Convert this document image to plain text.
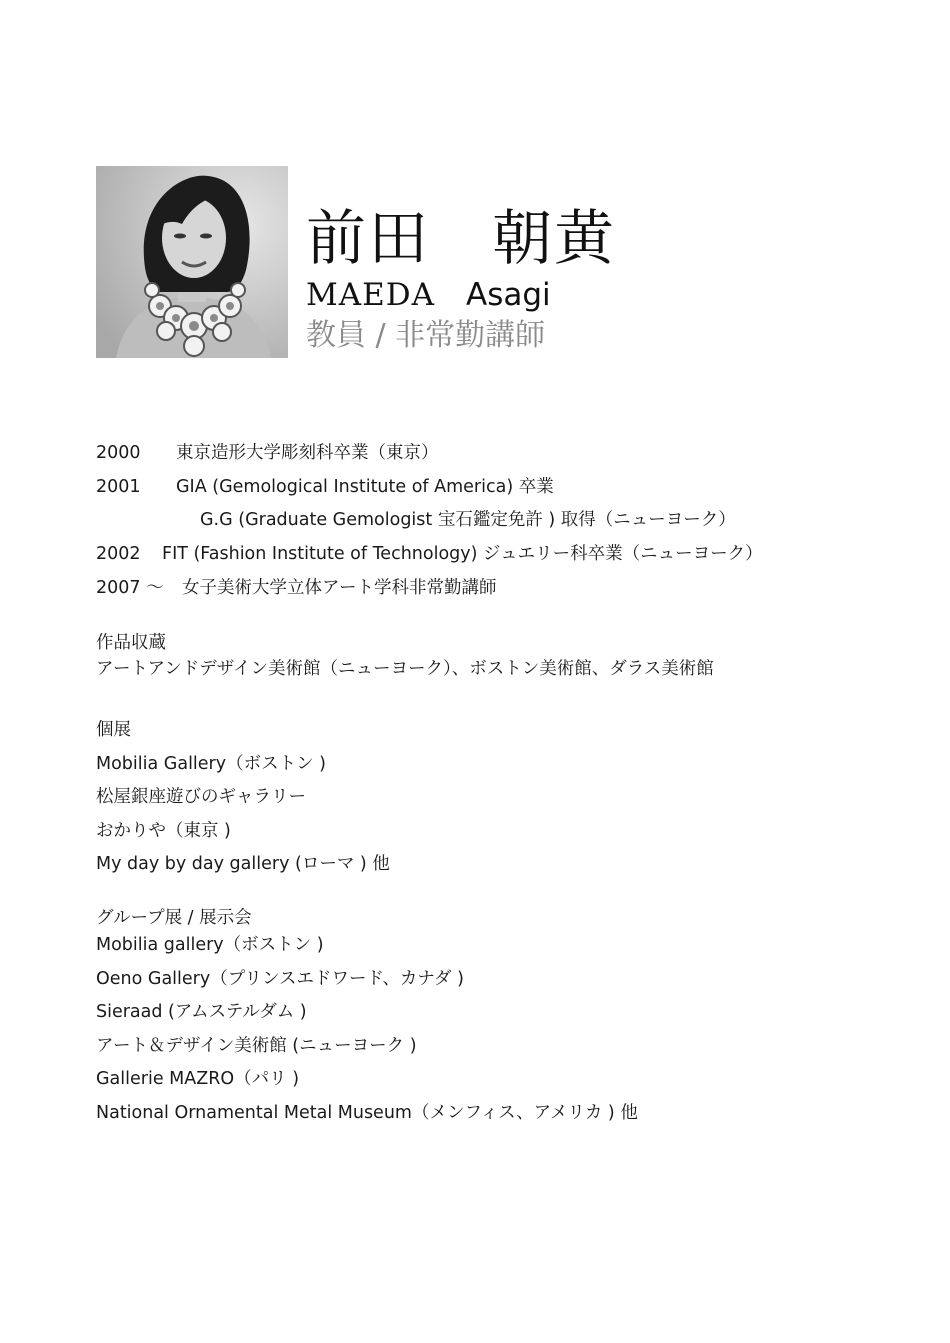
前田　朝黄
MAEDA　 Asagi
教員 / 非常勤講師
2000 東京造形大学彫刻科卒業（東京）
2001 GIA (Gemological Institute of America) 卒業
G.G (Graduate Gemologist 宝石鑑定免許 ) 取得（ニューヨーク）
2002 FIT (Fashion Institute of Technology) ジュエリー科卒業（ニューヨーク）
2007 ～ 女子美術大学立体アート学科非常勤講師
作品収蔵
アートアンドデザイン美術館（ニューヨーク）、ボストン美術館、ダラス美術館
個展
Mobilia Gallery（ボストン )
松屋銀座遊びのギャラリー
おかりや（東京 )
My day by day gallery (ローマ ) 他
グループ展 / 展示会
Mobilia gallery（ボストン )
Oeno Gallery（プリンスエドワード、カナダ )
Sieraad (アムステルダム )
アート＆デザイン美術館 (ニューヨーク )
Gallerie MAZRO（パリ )
National Ornamental Metal Museum（メンフィス、アメリカ ) 他
